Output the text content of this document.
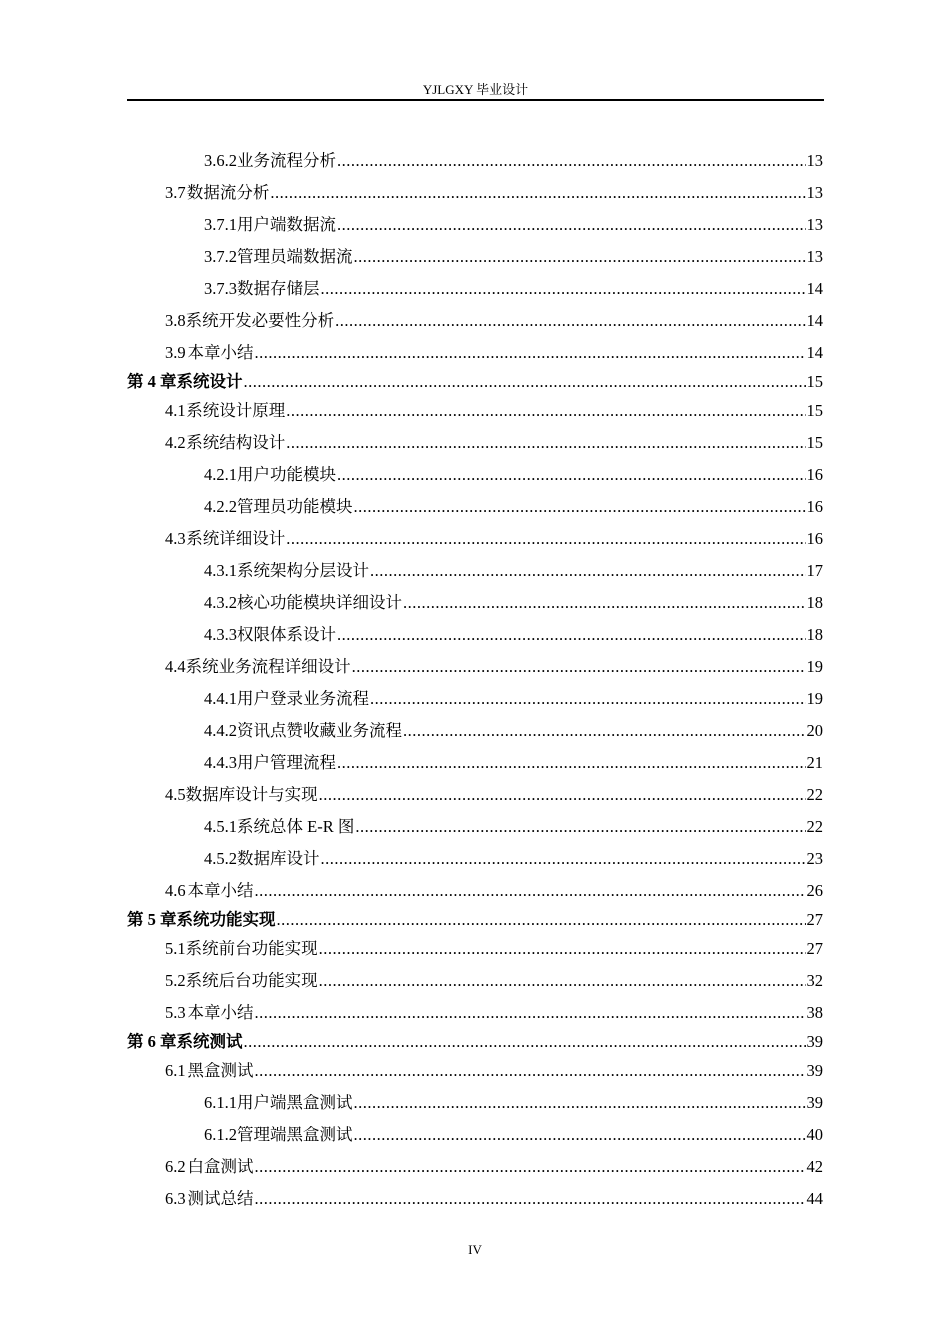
YJLGXY 毕业设计
3.6.2 业务流程分析 .....	13
3.7 数据流分析 .....	13
3.7.1 用户端数据流 .....	13
3.7.2 管理员端数据流 .....	13
3.7.3 数据存储层 .....	14
3.8 系统开发必要性分析 .....	14
3.9 本章小结 .....	14
第 4 章 系统设计 .....	15
4.1 系统设计原理 .....	15
4.2 系统结构设计 .....	15
4.2.1 用户功能模块 .....	16
4.2.2 管理员功能模块 .....	16
4.3 系统详细设计 .....	16
4.3.1 系统架构分层设计 .....	17
4.3.2 核心功能模块详细设计 .....	18
4.3.3 权限体系设计 .....	18
4.4 系统业务流程详细设计 .....	19
4.4.1 用户登录业务流程 .....	19
4.4.2 资讯点赞收藏业务流程 .....	20
4.4.3 用户管理流程 .....	21
4.5 数据库设计与实现 .....	22
4.5.1 系统总体 E-R 图 .....	22
4.5.2 数据库设计 .....	23
4.6 本章小结 .....	26
第 5 章 系统功能实现 .....	27
5.1 系统前台功能实现 .....	27
5.2 系统后台功能实现 .....	32
5.3 本章小结 .....	38
第 6 章 系统测试 .....	39
6.1 黑盒测试 .....	39
6.1.1 用户端黑盒测试 .....	39
6.1.2 管理端黑盒测试 .....	40
6.2 白盒测试 .....	42
6.3 测试总结 .....	44
IV
